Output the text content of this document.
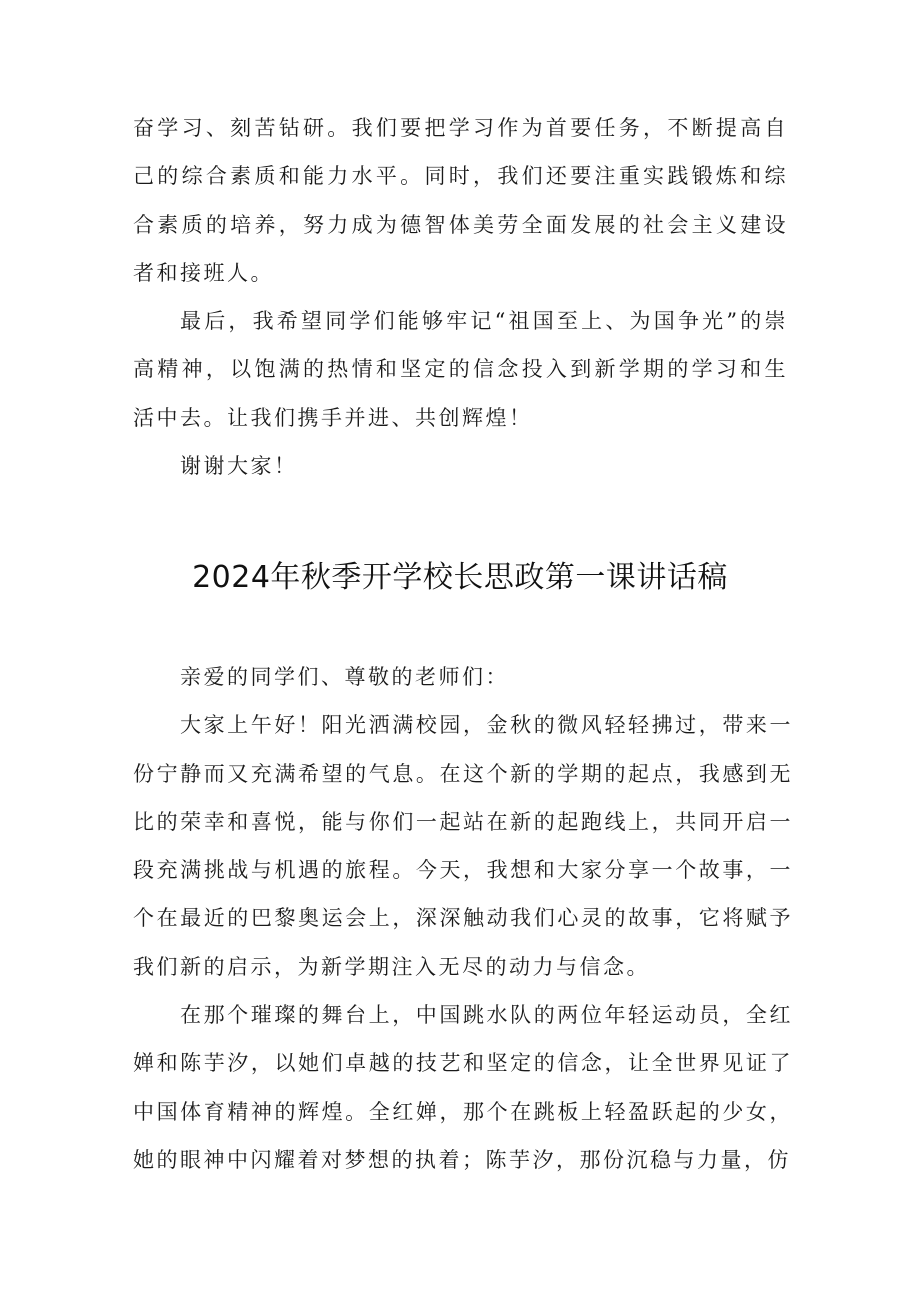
奋学习、刻苦钻研。我们要把学习作为首要任务，不断提高自己的综合素质和能力水平。同时，我们还要注重实践锻炼和综合素质的培养，努力成为德智体美劳全面发展的社会主义建设者和接班人。

最后，我希望同学们能够牢记“祖国至上、为国争光”的崇高精神，以饱满的热情和坚定的信念投入到新学期的学习和生活中去。让我们携手并进、共创辉煌！

谢谢大家！

2024年秋季开学校长思政第一课讲话稿

亲爱的同学们、尊敬的老师们：

大家上午好！阳光洒满校园，金秋的微风轻轻拂过，带来一份宁静而又充满希望的气息。在这个新的学期的起点，我感到无比的荣幸和喜悦，能与你们一起站在新的起跑线上，共同开启一段充满挑战与机遇的旅程。今天，我想和大家分享一个故事，一个在最近的巴黎奥运会上，深深触动我们心灵的故事，它将赋予我们新的启示，为新学期注入无尽的动力与信念。

在那个璀璨的舞台上，中国跳水队的两位年轻运动员，全红婵和陈芋汐，以她们卓越的技艺和坚定的信念，让全世界见证了中国体育精神的辉煌。全红婵，那个在跳板上轻盈跃起的少女，她的眼神中闪耀着对梦想的执着；陈芋汐，那份沉稳与力量，仿
